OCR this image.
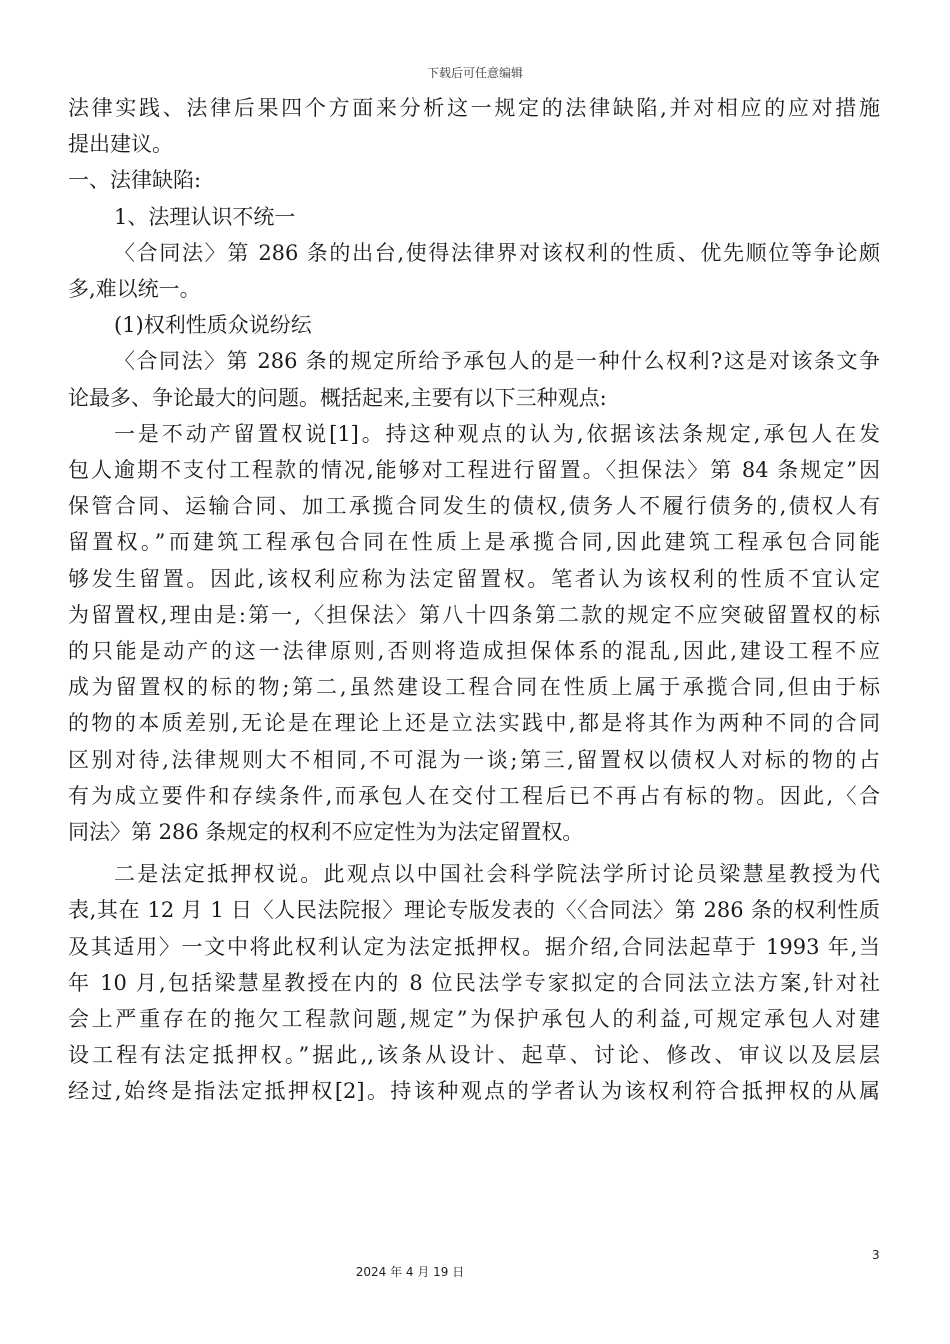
下载后可任意编辑
法律实践、法律后果四个方面来分析这一规定的法律缺陷,并对相应的应对措施
提出建议。
一、法律缺陷:
1、法理认识不统一
〈合同法〉第 286 条的出台,使得法律界对该权利的性质、优先顺位等争论颇
多,难以统一。
(1)权利性质众说纷纭
〈合同法〉第 286 条的规定所给予承包人的是一种什么权利?这是对该条文争
论最多、争论最大的问题。概括起来,主要有以下三种观点:
一是不动产留置权说[1]。持这种观点的认为,依据该法条规定,承包人在发
包人逾期不支付工程款的情况,能够对工程进行留置。〈担保法〉第 84 条规定”因
保管合同、运输合同、加工承揽合同发生的债权,债务人不履行债务的,债权人有
留置权。”而建筑工程承包合同在性质上是承揽合同,因此建筑工程承包合同能
够发生留置。因此,该权利应称为法定留置权。笔者认为该权利的性质不宜认定
为留置权,理由是:第一,〈担保法〉第八十四条第二款的规定不应突破留置权的标
的只能是动产的这一法律原则,否则将造成担保体系的混乱,因此,建设工程不应
成为留置权的标的物;第二,虽然建设工程合同在性质上属于承揽合同,但由于标
的物的本质差别,无论是在理论上还是立法实践中,都是将其作为两种不同的合同
区别对待,法律规则大不相同,不可混为一谈;第三,留置权以债权人对标的物的占
有为成立要件和存续条件,而承包人在交付工程后已不再占有标的物。因此,〈合
同法〉第 286 条规定的权利不应定性为为法定留置权。
二是法定抵押权说。此观点以中国社会科学院法学所讨论员梁慧星教授为代
表,其在 12 月 1 日〈人民法院报〉理论专版发表的〈〈合同法〉第 286 条的权利性质
及其适用〉一文中将此权利认定为法定抵押权。据介绍,合同法起草于 1993 年,当
年 10 月,包括梁慧星教授在内的 8 位民法学专家拟定的合同法立法方案,针对社
会上严重存在的拖欠工程款问题,规定”为保护承包人的利益,可规定承包人对建
设工程有法定抵押权。”据此,,该条从设计、起草、讨论、修改、审议以及层层
经过,始终是指法定抵押权[2]。持该种观点的学者认为该权利符合抵押权的从属
3
2024 年 4 月 19 日
